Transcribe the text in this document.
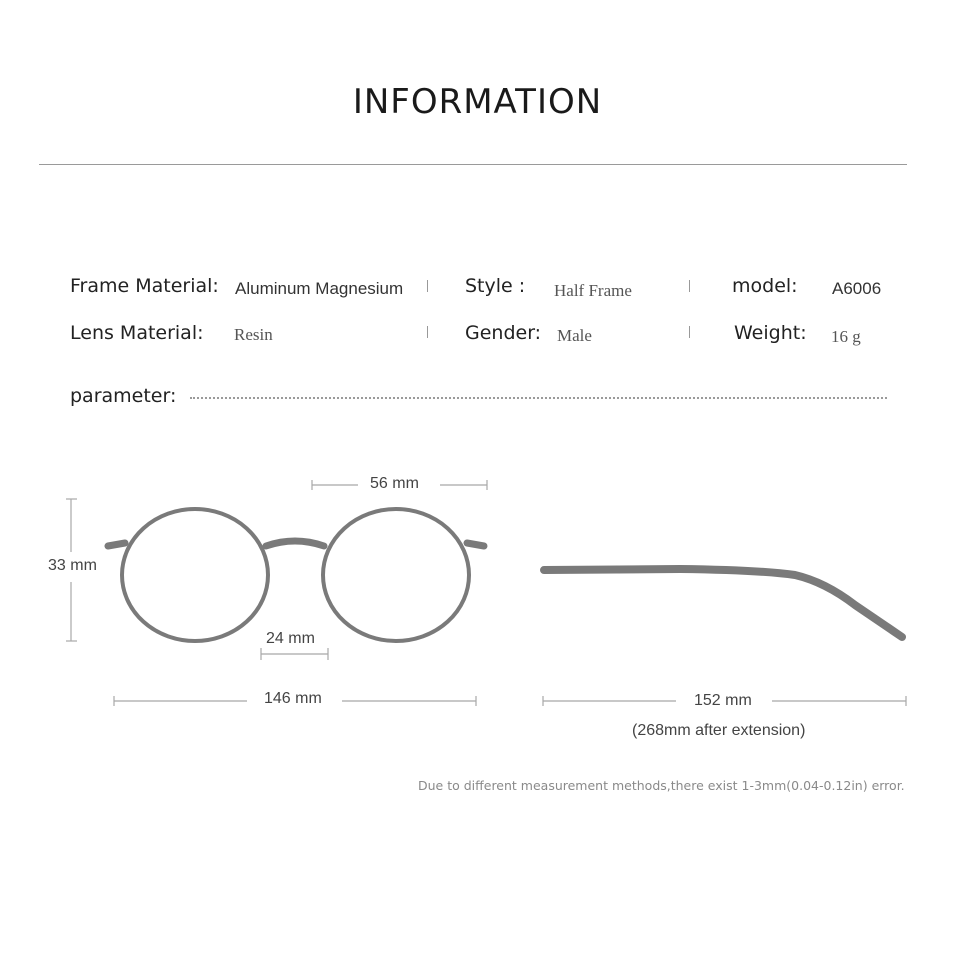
INFORMATION
Frame Material: Aluminum Magnesium	Style : Half Frame	model: A6006
Lens Material: Resin	Gender: Male	Weight: 16 g
parameter:
33 mm
56 mm
24 mm
146 mm	152 mm
(268mm after extension)
Due to different measurement methods,there exist 1-3mm(0.04-0.12in) error.
